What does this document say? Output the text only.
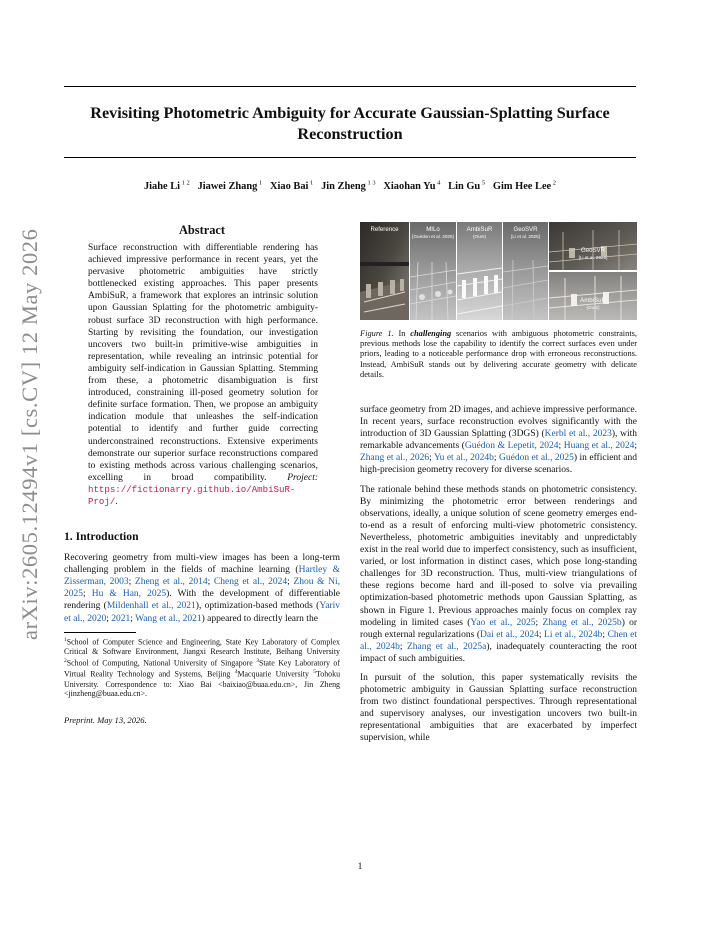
arXiv:2605.12494v1 [cs.CV] 12 May 2026
Revisiting Photometric Ambiguity for Accurate Gaussian-Splatting Surface Reconstruction
Jiahe Li $^{1 2}$ Jiawei Zhang $^1$ Xiao Bai $^1$ Jin Zheng $^{1 3}$ Xiaohan Yu $^4$ Lin Gu $^5$ Gim Hee Lee $^2$
Abstract
Surface reconstruction with differentiable rendering has achieved impressive performance in recent years, yet the pervasive photometric ambiguities have strictly bottlenecked existing approaches. This paper presents AmbiSuR, a framework that explores an intrinsic solution upon Gaussian Splatting for the photometric ambiguity-robust surface 3D reconstruction with high performance. Starting by revisiting the foundation, our investigation uncovers two built-in primitive-wise ambiguities in representation, while revealing an intrinsic potential for ambiguity self-indication in Gaussian Splatting. Stemming from these, a photometric disambiguation is first introduced, constraining ill-posed geometry solution for definite surface formation. Then, we propose an ambiguity indication module that unleashes the self-indication potential to identify and further guide correcting underconstrained reconstructions. Extensive experiments demonstrate our superior surface reconstructions compared to existing methods across various challenging scenarios, excelling in broad compatibility. Project: https://fictionarry.github.io/AmbiSuR-Proj/.
1. Introduction

Recovering geometry from multi-view images has been a long-term challenging problem in the fields of machine learning (Hartley & Zisserman, 2003; Zheng et al., 2014; Cheng et al., 2024; Zhou & Ni, 2025; Hu & Han, 2025). With the development of differentiable rendering (Mildenhall et al., 2021), optimization-based methods (Yariv et al., 2020; 2021; Wang et al., 2021) appeared to directly learn the

$^1$School of Computer Science and Engineering, State Key Laboratory of Complex Critical & Software Environment, Jiangxi Research Institute, Beihang University $^2$School of Computing, National University of Singapore $^3$State Key Laboratory of Virtual Reality Technology and Systems, Beijing $^4$Macquarie University $^5$Tohoku University. Correspondence to: Xiao Bai <baixiao@buaa.edu.cn>, Jin Zheng <jinzheng@buaa.edu.cn>.

Preprint. May 13, 2026.
Reference	MILo
[Guédon et al. 2025]
AmbiSuR
(Ours)
GeoSVR
[Li et al. 2025]
GeoSVR
[Li et al. 2025]
AmbiSuR
(Ours)

Figure 1. In challenging scenarios with ambiguous photometric constraints, previous methods lose the capability to identify the correct surfaces even under priors, leading to a noticeable performance drop with erroneous reconstructions. Instead, AmbiSuR stands out by delivering accurate geometry with delicate details.

surface geometry from 2D images, and achieve impressive performance. In recent years, surface reconstruction evolves significantly with the introduction of 3D Gaussian Splatting (3DGS) (Kerbl et al., 2023), with remarkable advancements (Guédon & Lepetit, 2024; Huang et al., 2024; Zhang et al., 2026; Yu et al., 2024b; Guédon et al., 2025) in efficient and high-precision geometry recovery for diverse scenarios.

The rationale behind these methods stands on photometric consistency. By minimizing the photometric error between renderings and observations, ideally, a unique solution of scene geometry emerges end-to-end as a result of enforcing multi-view photometric consistency. Nevertheless, photometric ambiguities inevitably and unpredictably exist in the real world due to imperfect consistency, such as insufficient, varied, or lost information in distinct cases, which pose long-standing challenges for 3D reconstruction. Thus, multi-view triangulations of these regions become hard and ill-posed to solve via prevailing optimization-based photometric methods upon Gaussian Splatting, as shown in Figure 1. Previous approaches mainly focus on complex ray modeling in limited cases (Yao et al., 2025; Zhang et al., 2025b) or rough external regularizations (Dai et al., 2024; Li et al., 2024b; Chen et al., 2024b; Zhang et al., 2025a), inadequately counteracting the root impact of such ambiguities.

In pursuit of the solution, this paper systematically revisits the photometric ambiguity in Gaussian Splatting surface reconstruction from two distinct foundational perspectives. Through representational and supervisory analyses, our investigation uncovers two built-in representational ambiguities that are exacerbated by imperfect supervision, while

1
